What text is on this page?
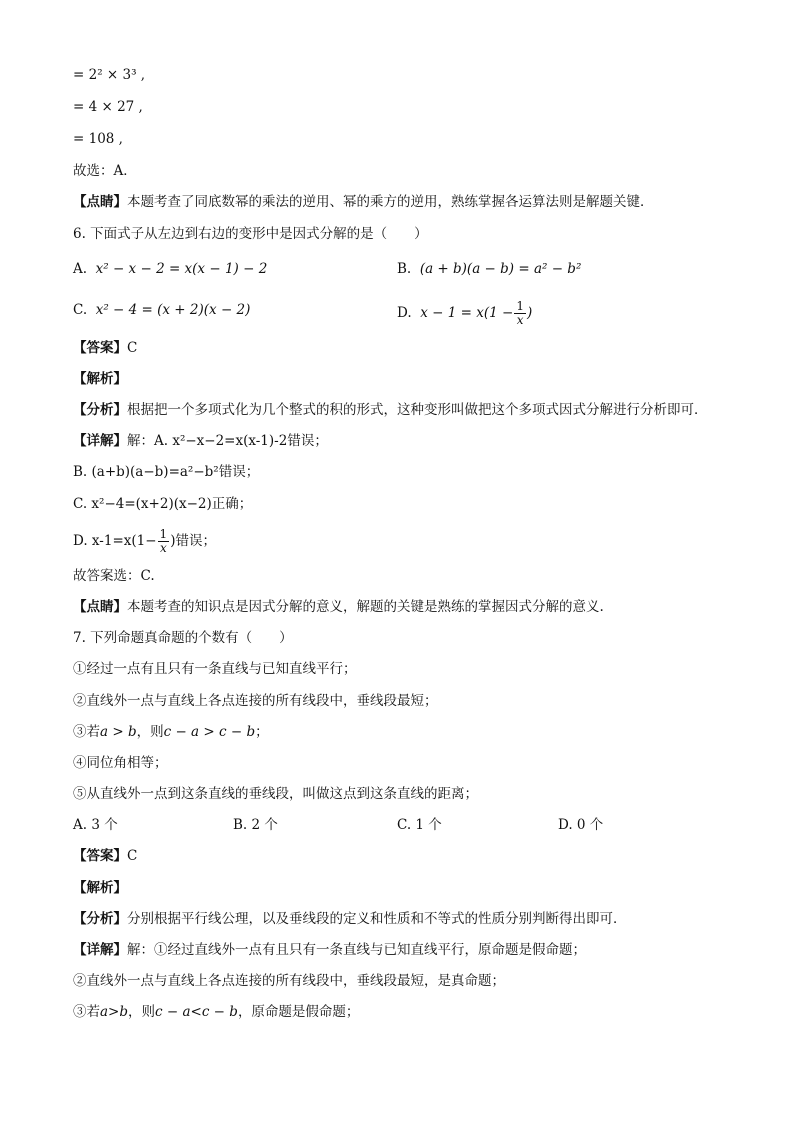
= 2² × 3³ ,
= 4 × 27 ,
= 108 ,
故选：A．
【点睛】本题考查了同底数幂的乘法的逆用、幂的乘方的逆用，熟练掌握各运算法则是解题关键．
6. 下面式子从左边到右边的变形中是因式分解的是（　　）
A. x² − x − 2 = x(x − 1) − 2	B. (a + b)(a − b) = a² − b²
C. x² − 4 = (x + 2)(x − 2)	D. $x - 1 = x(1 - \frac{1}{x}$ )
【答案】C
【解析】
【分析】根据把一个多项式化为几个整式的积的形式，这种变形叫做把这个多项式因式分解进行分析即可．
【详解】解：A. x²−x−2=x(x-1)-2错误；
B. (a+b)(a−b)=a²−b²错误；
C. x²−4=(x+2)(x−2)正确；
D. $x-1=x(1- \frac{1}{x}$ )错误；
故答案选：C.
【点睛】本题考查的知识点是因式分解的意义，解题的关键是熟练的掌握因式分解的意义.
7. 下列命题真命题的个数有（　　）
①经过一点有且只有一条直线与已知直线平行；
②直线外一点与直线上各点连接的所有线段中，垂线段最短；
③若a > b，则c − a > c − b；
④同位角相等；
⑤从直线外一点到这条直线的垂线段，叫做这点到这条直线的距离；
A. 3 个	B. 2 个	C. 1 个	D. 0 个
【答案】C
【解析】
【分析】分别根据平行线公理，以及垂线段的定义和性质和不等式的性质分别判断得出即可．
【详解】解：①经过直线外一点有且只有一条直线与已知直线平行，原命题是假命题；
②直线外一点与直线上各点连接的所有线段中，垂线段最短，是真命题；
③若a>b，则c − a<c − b，原命题是假命题；
